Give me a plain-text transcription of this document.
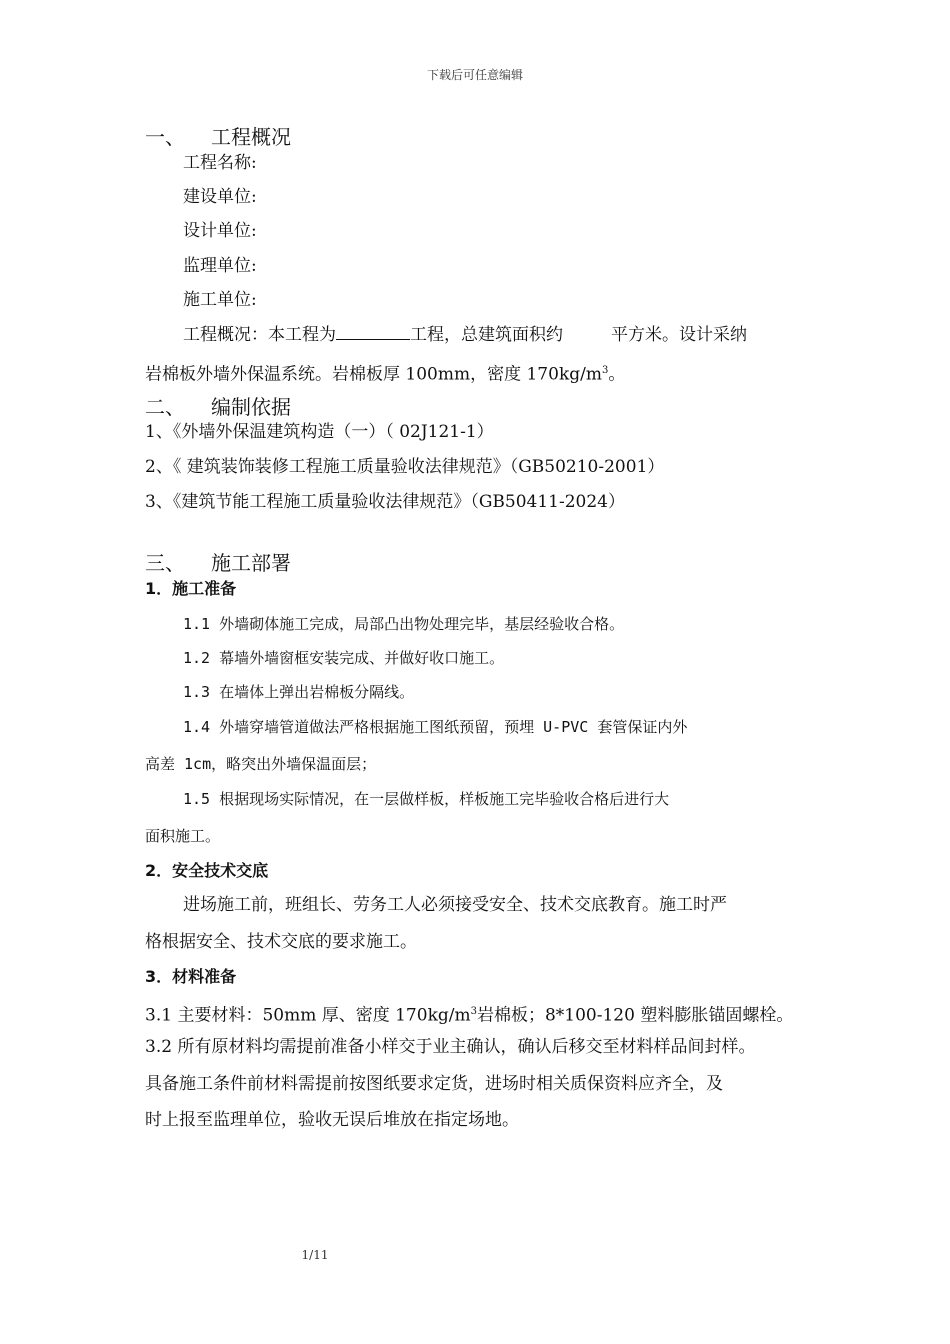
下载后可任意编辑
一、 工程概况
工程名称:
建设单位:
设计单位:
监理单位:
施工单位:
工程概况：本工程为	工程，总建筑面积约	平方米。设计采纳
岩棉板外墙外保温系统。岩棉板厚 100mm，密度 $170kg/m^3$。
二、 编制依据
1、《外墙外保温建筑构造（一）（ 02J121-1）
2、《 建筑装饰装修工程施工质量验收法律规范》（GB50210-2001）
3、《建筑节能工程施工质量验收法律规范》（GB50411-2024）
三、 施工部署
1．施工准备
1.1 外墙砌体施工完成，局部凸出物处理完毕，基层经验收合格。
1.2 幕墙外墙窗框安装完成、并做好收口施工。
1.3 在墙体上弹出岩棉板分隔线。
1.4 外墙穿墙管道做法严格根据施工图纸预留，预埋 U-PVC 套管保证内外
高差 1cm，略突出外墙保温面层；
1.5 根据现场实际情况，在一层做样板，样板施工完毕验收合格后进行大
面积施工。
2．安全技术交底
进场施工前，班组长、劳务工人必须接受安全、技术交底教育。施工时严
格根据安全、技术交底的要求施工。
3．材料准备
3.1 主要材料：50mm 厚、密度 $170kg/m^3$岩棉板；8*100-120 塑料膨胀锚固螺栓。
3.2 所有原材料均需提前准备小样交于业主确认，确认后移交至材料样品间封样。
具备施工条件前材料需提前按图纸要求定货，进场时相关质保资料应齐全，及
时上报至监理单位，验收无误后堆放在指定场地。
1/11
